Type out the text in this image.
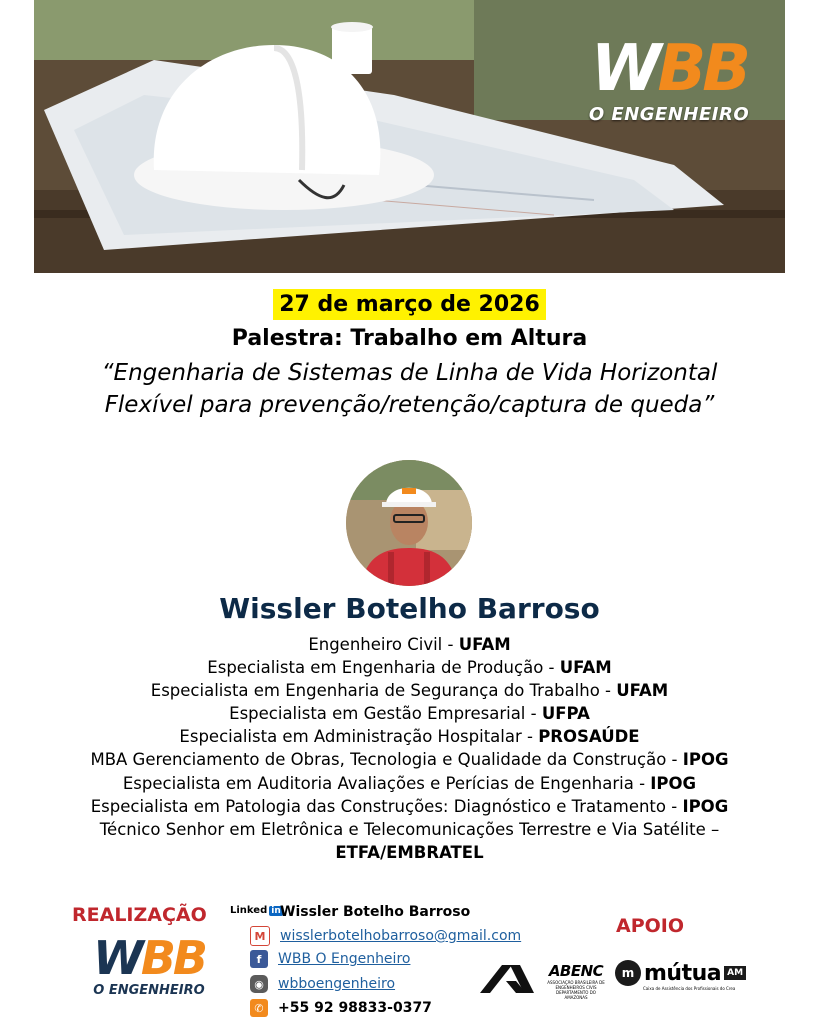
WBB
O ENGENHEIRO
27 de março de 2026
Palestra: Trabalho em Altura
“Engenharia de Sistemas de Linha de Vida Horizontal Flexível para prevenção/retenção/captura de queda”
Wissler Botelho Barroso
Engenheiro Civil - UFAM
Especialista em Engenharia de Produção - UFAM
Especialista em Engenharia de Segurança do Trabalho - UFAM
Especialista em Gestão Empresarial - UFPA
Especialista em Administração Hospitalar - PROSAÚDE
MBA Gerenciamento de Obras, Tecnologia e Qualidade da Construção - IPOG
Especialista em Auditoria Avaliações e Perícias de Engenharia - IPOG
Especialista em Patologia das Construções: Diagnóstico e Tratamento - IPOG
Técnico Senhor em Eletrônica e Telecomunicações Terrestre e Via Satélite –
ETFA/EMBRATEL
REALIZAÇÃO
WBB
O ENGENHEIRO
Linked in Wissler Botelho Barroso
M	wisslerbotelhobarroso@gmail.com
f	WBB O Engenheiro
◉	wbboengenheiro
✆	+55 92 98833-0377
APOIO
ABENC
ASSOCIAÇÃO BRASILEIRA DE ENGENHEIROS CIVIS DEPARTAMENTO DO AMAZONAS
m mútua AM
Caixa de Assistência dos Profissionais do Crea
